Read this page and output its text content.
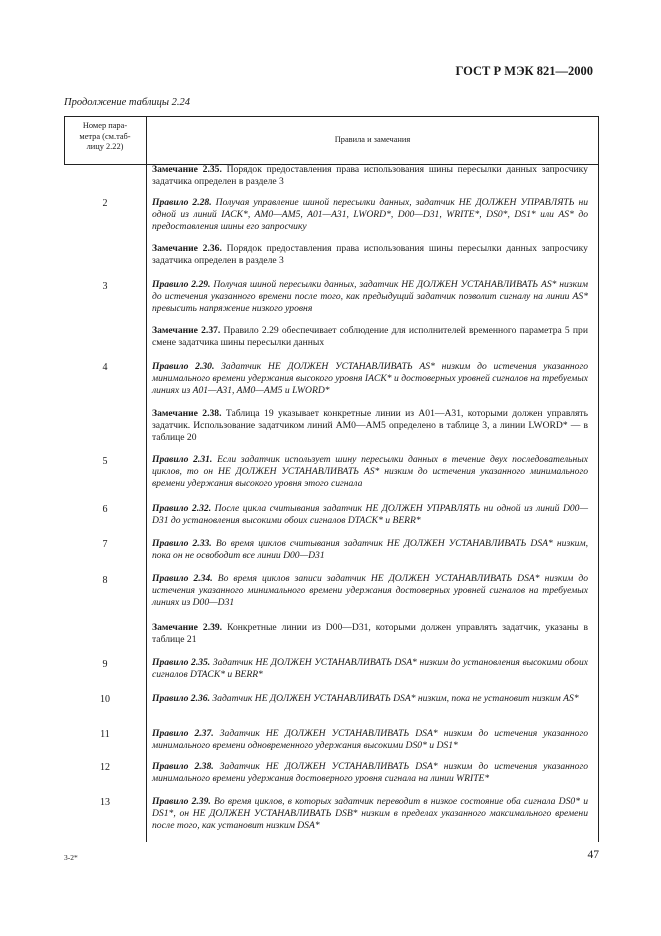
ГОСТ Р МЭК 821—2000
Продолжение таблицы 2.24
Номер пара-
метра (см.таб-
лицу 2.22)
Правила и замечания
Замечание 2.35. Порядок предоставления права использования шины пересылки данных запросчику задатчика определен в разделе 3
2	Правило 2.28. Получая управление шиной пересылки данных, задатчик НЕ ДОЛЖЕН УПРАВЛЯТЬ ни одной из линий IACK*, AM0—AM5, A01—A31, LWORD*, D00—D31, WRITE*, DS0*, DS1* или AS* до предоставления шины его запросчику
Замечание 2.36. Порядок предоставления права использования шины пересылки данных запросчику задатчика определен в разделе 3
3	Правило 2.29. Получая шиной пересылки данных, задатчик НЕ ДОЛЖЕН УСТАНАВЛИВАТЬ AS* низким до истечения указанного времени после того, как предыдущий задатчик позволит сигналу на линии AS* превысить напряжение низкого уровня
Замечание 2.37. Правило 2.29 обеспечивает соблюдение для исполнителей временного параметра 5 при смене задатчика шины пересылки данных
4	Правило 2.30. Задатчик НЕ ДОЛЖЕН УСТАНАВЛИВАТЬ AS* низким до истечения указанного минимального времени удержания высокого уровня IACK* и достоверных уровней сигналов на требуемых линиях из A01—A31, AM0—AM5 и LWORD*
Замечание 2.38. Таблица 19 указывает конкретные линии из A01—A31, которыми должен управлять задатчик. Использование задатчиком линий AM0—AM5 определено в таблице 3, а линии LWORD* — в таблице 20
5	Правило 2.31. Если задатчик использует шину пересылки данных в течение двух последовательных циклов, то он НЕ ДОЛЖЕН УСТАНАВЛИВАТЬ AS* низким до истечения указанного минимального времени удержания высокого уровня этого сигнала
6	Правило 2.32. После цикла считывания задатчик НЕ ДОЛЖЕН УПРАВЛЯТЬ ни одной из линий D00—D31 до установления высокими обоих сигналов DTACK* и BERR*
7	Правило 2.33. Во время циклов считывания задатчик НЕ ДОЛЖЕН УСТАНАВЛИВАТЬ DSA* низким, пока он не освободит все линии D00—D31
8	Правило 2.34. Во время циклов записи задатчик НЕ ДОЛЖЕН УСТАНАВЛИВАТЬ DSA* низким до истечения указанного минимального времени удержания достоверных уровней сигналов на требуемых линиях из D00—D31
Замечание 2.39. Конкретные линии из D00—D31, которыми должен управлять задатчик, указаны в таблице 21
9	Правило 2.35. Задатчик НЕ ДОЛЖЕН УСТАНАВЛИВАТЬ DSA* низким до установления высокими обоих сигналов DTACK* и BERR*
10	Правило 2.36. Задатчик НЕ ДОЛЖЕН УСТАНАВЛИВАТЬ DSA* низким, пока не установит низким AS*
11	Правило 2.37. Задатчик НЕ ДОЛЖЕН УСТАНАВЛИВАТЬ DSA* низким до истечения указанного минимального времени одновременного удержания высокими DS0* и DS1*
12	Правило 2.38. Задатчик НЕ ДОЛЖЕН УСТАНАВЛИВАТЬ DSA* низким до истечения указанного минимального времени удержания достоверного уровня сигнала на линии WRITE*
13	Правило 2.39. Во время циклов, в которых задатчик переводит в низкое состояние оба сигнала DS0* и DS1*, он НЕ ДОЛЖЕН УСТАНАВЛИВАТЬ DSB* низким в пределах указанного максимального времени после того, как установит низким DSA*
3-2*	47
